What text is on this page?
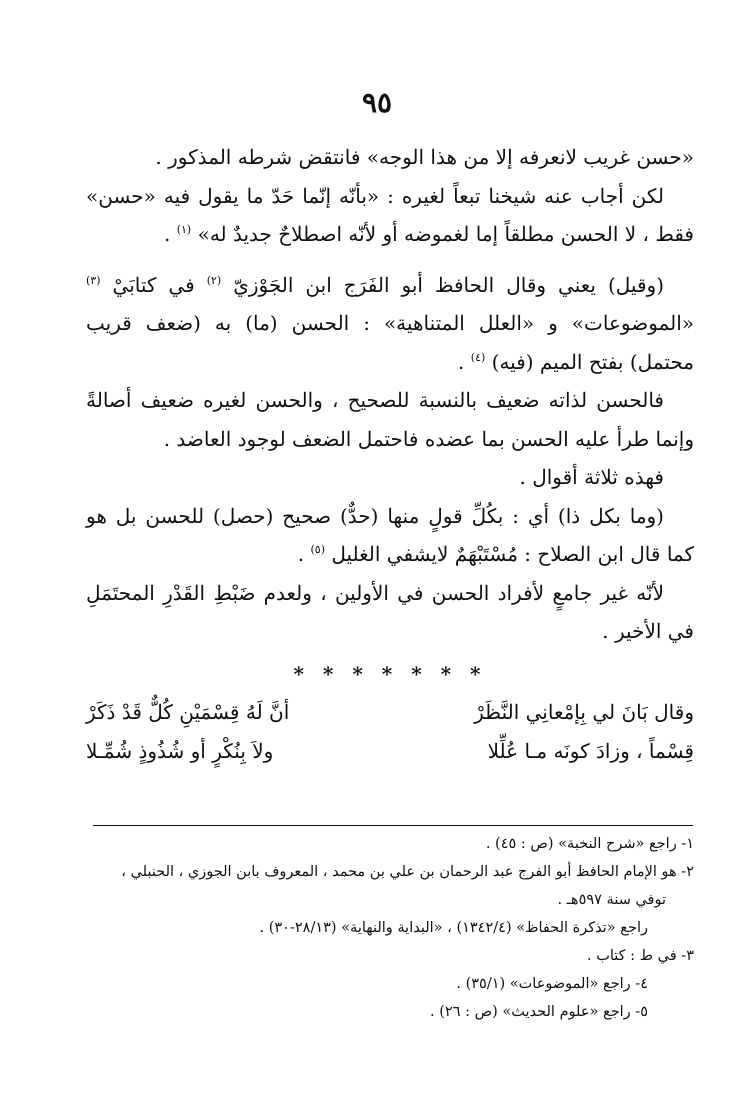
٩٥

«حسن غريب لانعرفه إلا من هذا الوجه» فانتقض شرطه المذكور .

لكن أجاب عنه شيخنا تبعاً لغيره : «بأنّه إنّما حَدّ ما يقول فيه «حسن» فقط ، لا الحسن مطلقاً إما لغموضه أو لأنّه اصطلاحٌ جديدٌ له» $^{(١)}$ .

(وقيل) يعني وقال الحافظ أبو الفَرَج ابن الجَوْزيّ $^{(٢)}$ في كتابَيْ $^{(٣)}$ «الموضوعات» و «العلل المتناهية» : الحسن (ما) به (ضعف قريب محتمل) بفتح الميم (فيه) $^{(٤)}$ .

فالحسن لذاته ضعيف بالنسبة للصحيح ، والحسن لغيره ضعيف أصالةً وإنما طرأ عليه الحسن بما عضده فاحتمل الضعف لوجود العاضد .

فهذه ثلاثة أقوال .

(وما بكل ذا) أي : بكُلِّ قولٍ منها (حدٌّ) صحيح (حصل) للحسن بل هو كما قال ابن الصلاح : مُسْتَبْهَمٌ لايشفي الغليل $^{(٥)}$ .

لأنّه غير جامعٍ لأفراد الحسن في الأولين ، ولعدم ضَبْطِ القَدْرِ المحتَمَلِ في الأخير .

* * * * * * *
وقال بَانَ لي بِإمْعانِي النَّظَرْ
أنَّ لَهُ قِسْمَيْنِ كُلٌّ قَدْ ذَكَرْ
قِسْماً ، وزادَ كونَه مـا عُلِّلا
ولاَ بِنُكْرٍ أو شُذُوذٍ شُمِّـلا

١- راجع «شرح النخبة» (ص : ٤٥) .

٢- هو الإمام الحافظ أبو الفرج عبد الرحمان بن علي بن محمد ، المعروف بابن الجوزي ، الحنبلي ،

توفي سنة ٥٩٧هـ .

راجع «تذكرة الحفاظ» (١٣٤٢/٤) ، «البداية والنهاية» (٢٨/١٣-٣٠) .

٣- في ط : كتاب .

٤- راجع «الموضوعات» (٣٥/١) .

٥- راجع «علوم الحديث» (ص : ٢٦) .
